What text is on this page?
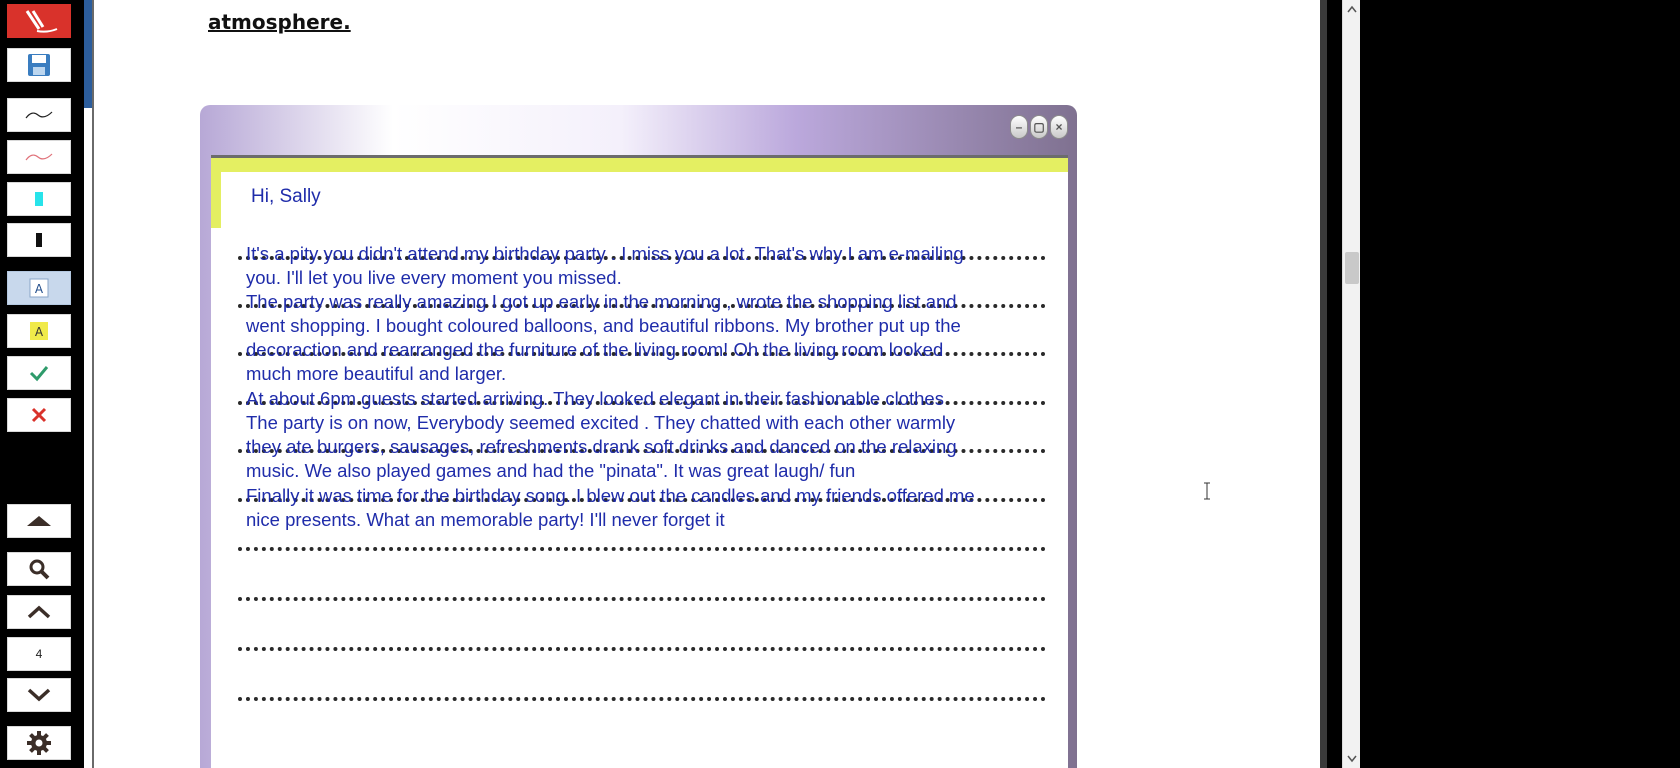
A
A
4
atmosphere.
– ▢ ×
Hi, Sally
It's a pity you didn't attend my birthday party . I miss you a lot. That's why I am e-mailing
you. I'll let you live every moment you missed.
The party was really amazing I got up early in the morning , wrote the shopping list and
went shopping. I bought coloured balloons, and beautiful ribbons. My brother put up the
decoraction and rearranged the furniture of the living room! Oh the living room looked
much more beautiful and larger.
At about 6pm guests started arriving. They looked elegant in their fashionable clothes
The party is on now, Everybody seemed excited . They chatted with each other warmly
they ate burgers, sausages, refreshments drank soft drinks and danced on the relaxing
music. We also played games and had the "pinata". It was great laugh/ fun
Finally it was time for the birthday song. I blew out the candles and my friends offered me
nice presents. What an memorable party! I'll never forget it
